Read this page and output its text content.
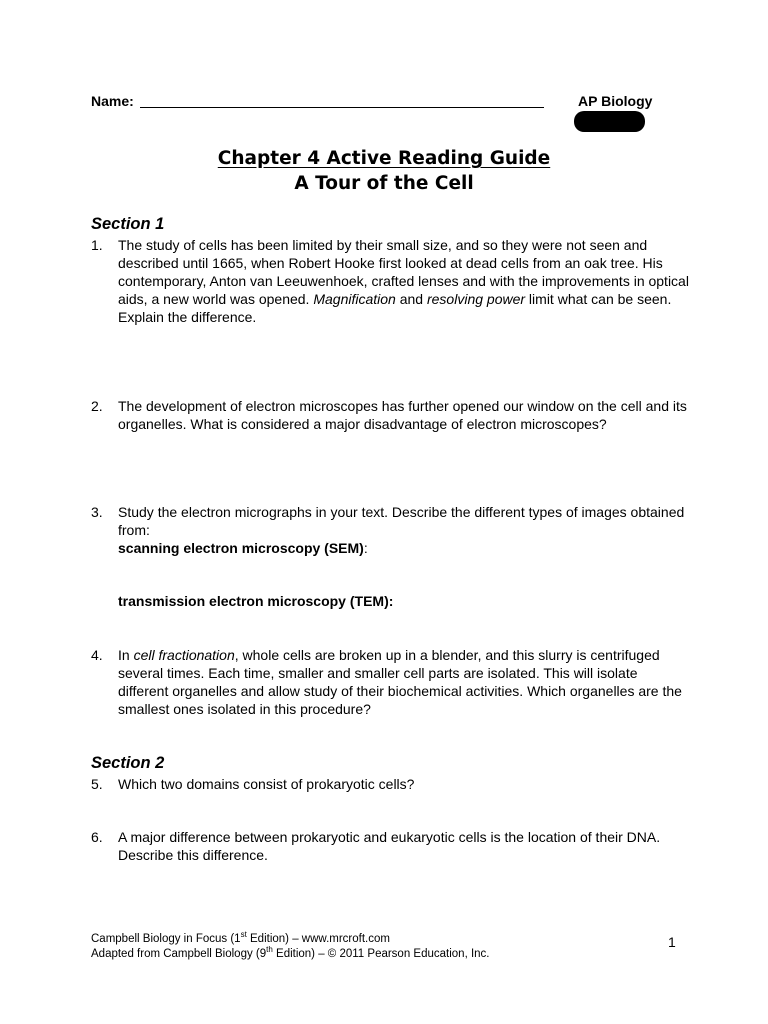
Name:	AP Biology
Chapter 4 Active Reading Guide
A Tour of the Cell
Section 1
1. The study of cells has been limited by their small size, and so they were not seen and described until 1665, when Robert Hooke first looked at dead cells from an oak tree. His contemporary, Anton van Leeuwenhoek, crafted lenses and with the improvements in optical aids, a new world was opened. Magnification and resolving power limit what can be seen. Explain the difference.
2. The development of electron microscopes has further opened our window on the cell and its organelles. What is considered a major disadvantage of electron microscopes?
3. Study the electron micrographs in your text. Describe the different types of images obtained from:
scanning electron microscopy (SEM):
transmission electron microscopy (TEM):
4. In cell fractionation, whole cells are broken up in a blender, and this slurry is centrifuged several times. Each time, smaller and smaller cell parts are isolated. This will isolate different organelles and allow study of their biochemical activities. Which organelles are the smallest ones isolated in this procedure?
Section 2
5. Which two domains consist of prokaryotic cells?
6. A major difference between prokaryotic and eukaryotic cells is the location of their DNA. Describe this difference.
Campbell Biology in Focus (1st Edition) – www.mrcroft.com
Adapted from Campbell Biology (9th Edition) – © 2011 Pearson Education, Inc.
1
